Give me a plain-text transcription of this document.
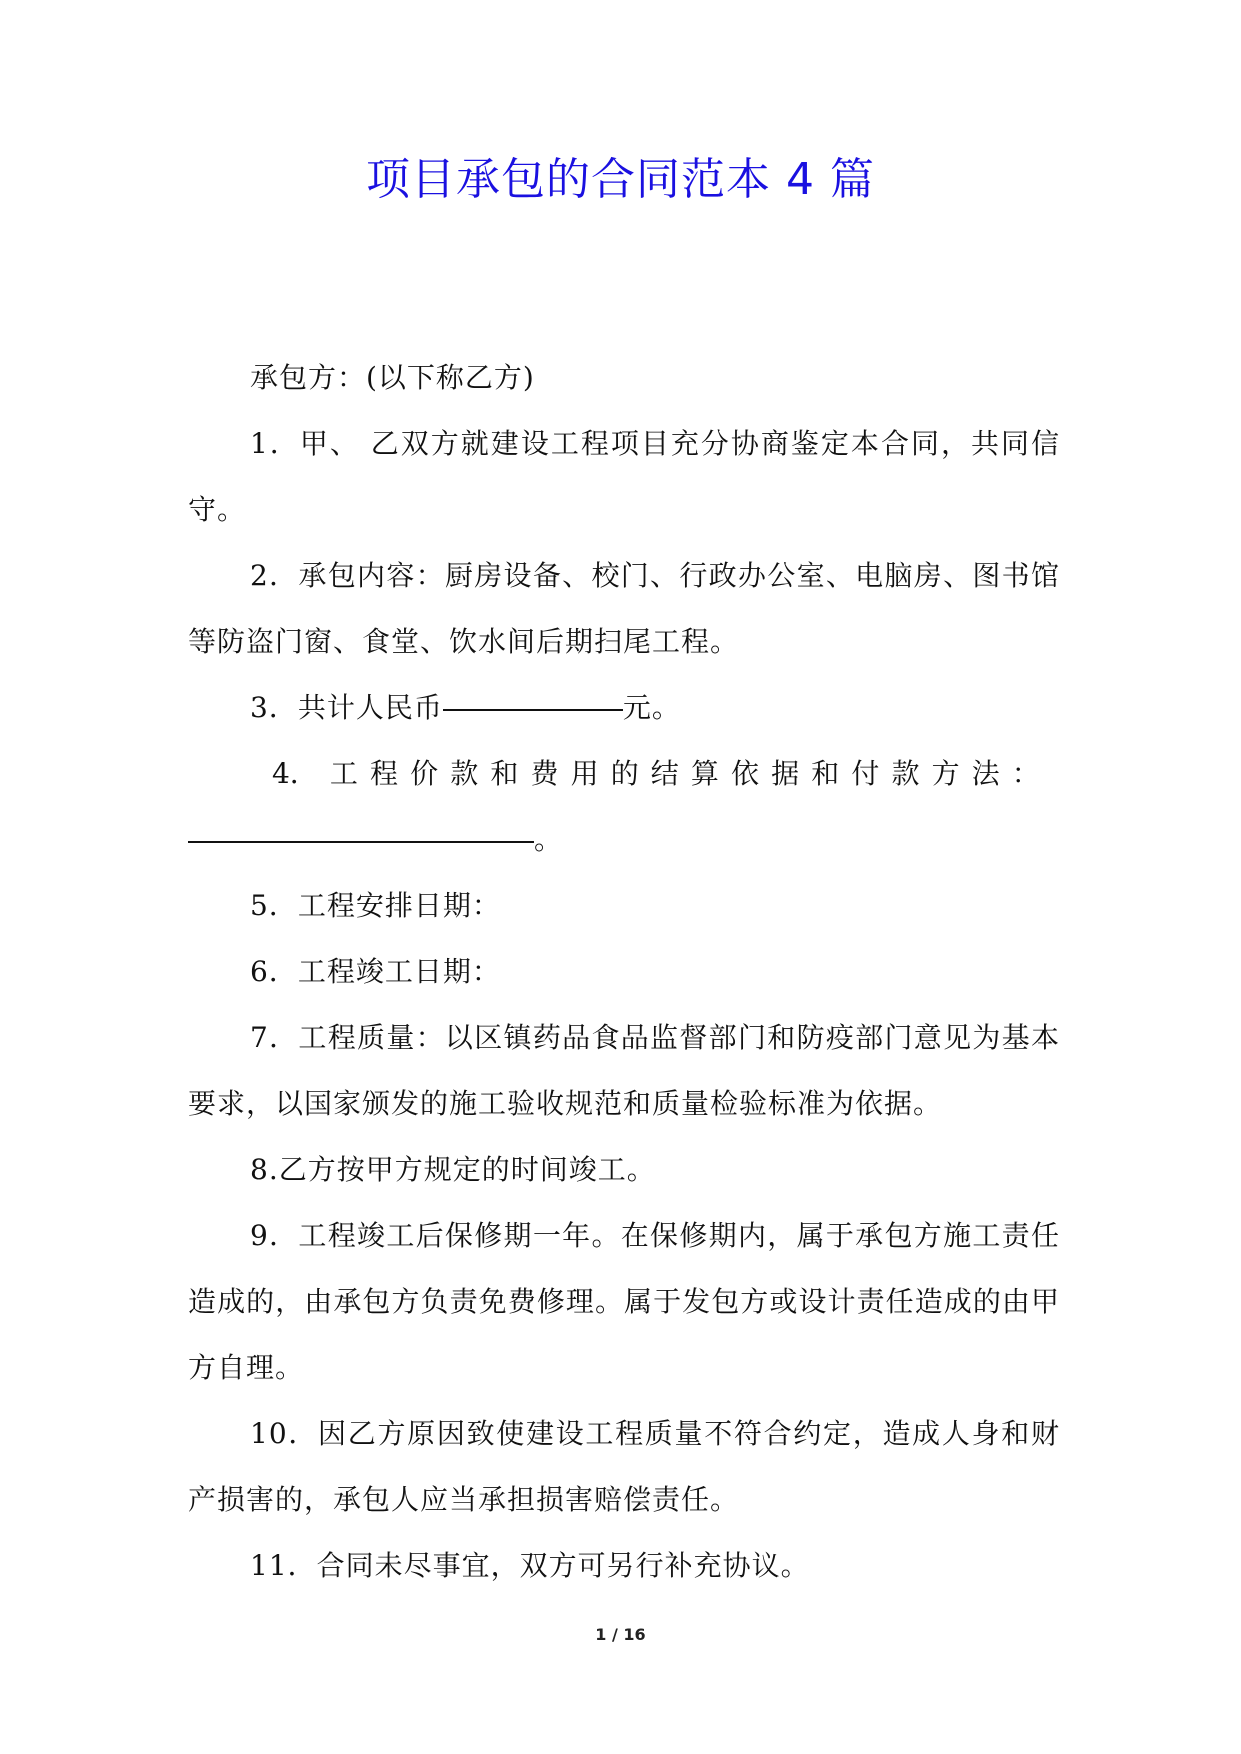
项目承包的合同范本 4 篇

承包方：(以下称乙方)

1．甲、 乙双方就建设工程项目充分协商鉴定本合同，共同信守。

2．承包内容：厨房设备、校门、行政办公室、电脑房、图书馆等防盗门窗、食堂、饮水间后期扫尾工程。

3．共计人民币	元。

4． 工 程 价 款 和 费 用 的 结 算 依 据 和 付 款 方 法 ：

。

5．工程安排日期：

6．工程竣工日期：

7．工程质量：以区镇药品食品监督部门和防疫部门意见为基本要求，以国家颁发的施工验收规范和质量检验标准为依据。

8.乙方按甲方规定的时间竣工。

9．工程竣工后保修期一年。在保修期内，属于承包方施工责任造成的，由承包方负责免费修理。属于发包方或设计责任造成的由甲方自理。

10．因乙方原因致使建设工程质量不符合约定，造成人身和财产损害的，承包人应当承担损害赔偿责任。

11．合同未尽事宜，双方可另行补充协议。

1 / 16
